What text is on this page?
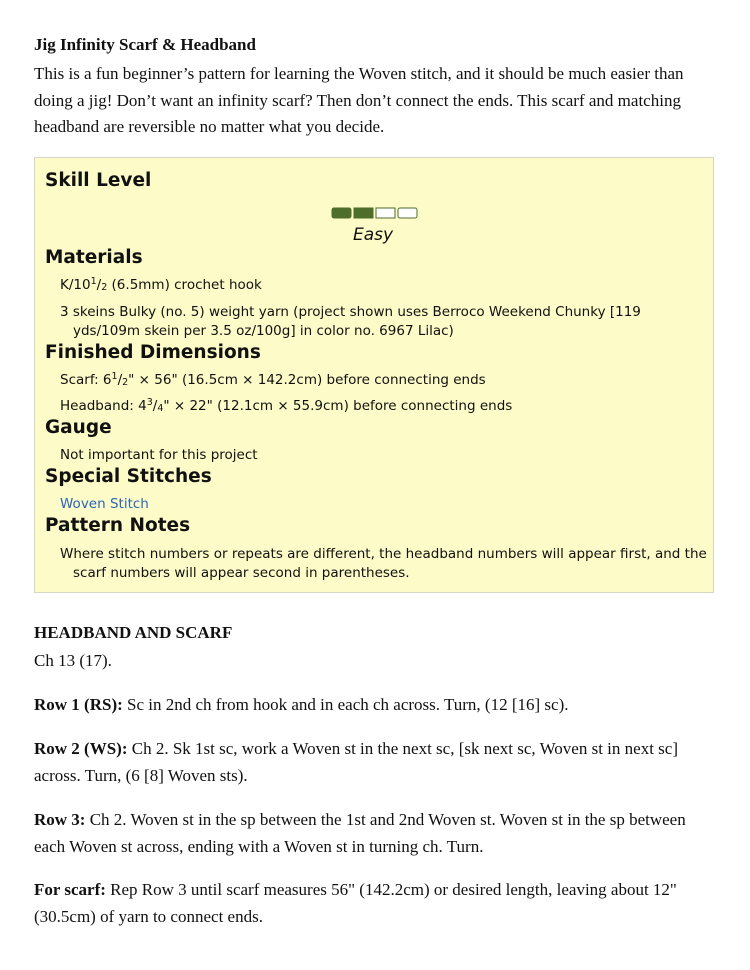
Jig Infinity Scarf & Headband
This is a fun beginner’s pattern for learning the Woven stitch, and it should be much easier than doing a jig! Don’t want an infinity scarf? Then don’t connect the ends. This scarf and matching headband are reversible no matter what you decide.
Skill Level
Easy
Materials
$K/10^1/_2$ (6.5mm) crochet hook
3 skeins Bulky (no. 5) weight yarn (project shown uses Berroco Weekend Chunky [119
yds/109m skein per 3.5 oz/100g] in color no. 6967 Lilac)
Finished Dimensions
Scarf: $6^1/_2$" × 56" (16.5cm × 142.2cm) before connecting ends
Headband: $4^3/_4$" × 22" (12.1cm × 55.9cm) before connecting ends
Gauge
Not important for this project
Special Stitches
Woven Stitch
Pattern Notes
Where stitch numbers or repeats are different, the headband numbers will appear first, and the
scarf numbers will appear second in parentheses.
HEADBAND AND SCARF
Ch 13 (17).
Row 1 (RS): Sc in 2nd ch from hook and in each ch across. Turn, (12 [16] sc).
Row 2 (WS): Ch 2. Sk 1st sc, work a Woven st in the next sc, [sk next sc, Woven st in next sc] across. Turn, (6 [8] Woven sts).
Row 3: Ch 2. Woven st in the sp between the 1st and 2nd Woven st. Woven st in the sp between each Woven st across, ending with a Woven st in turning ch. Turn.
For scarf: Rep Row 3 until scarf measures 56" (142.2cm) or desired length, leaving about 12" (30.5cm) of yarn to connect ends.
